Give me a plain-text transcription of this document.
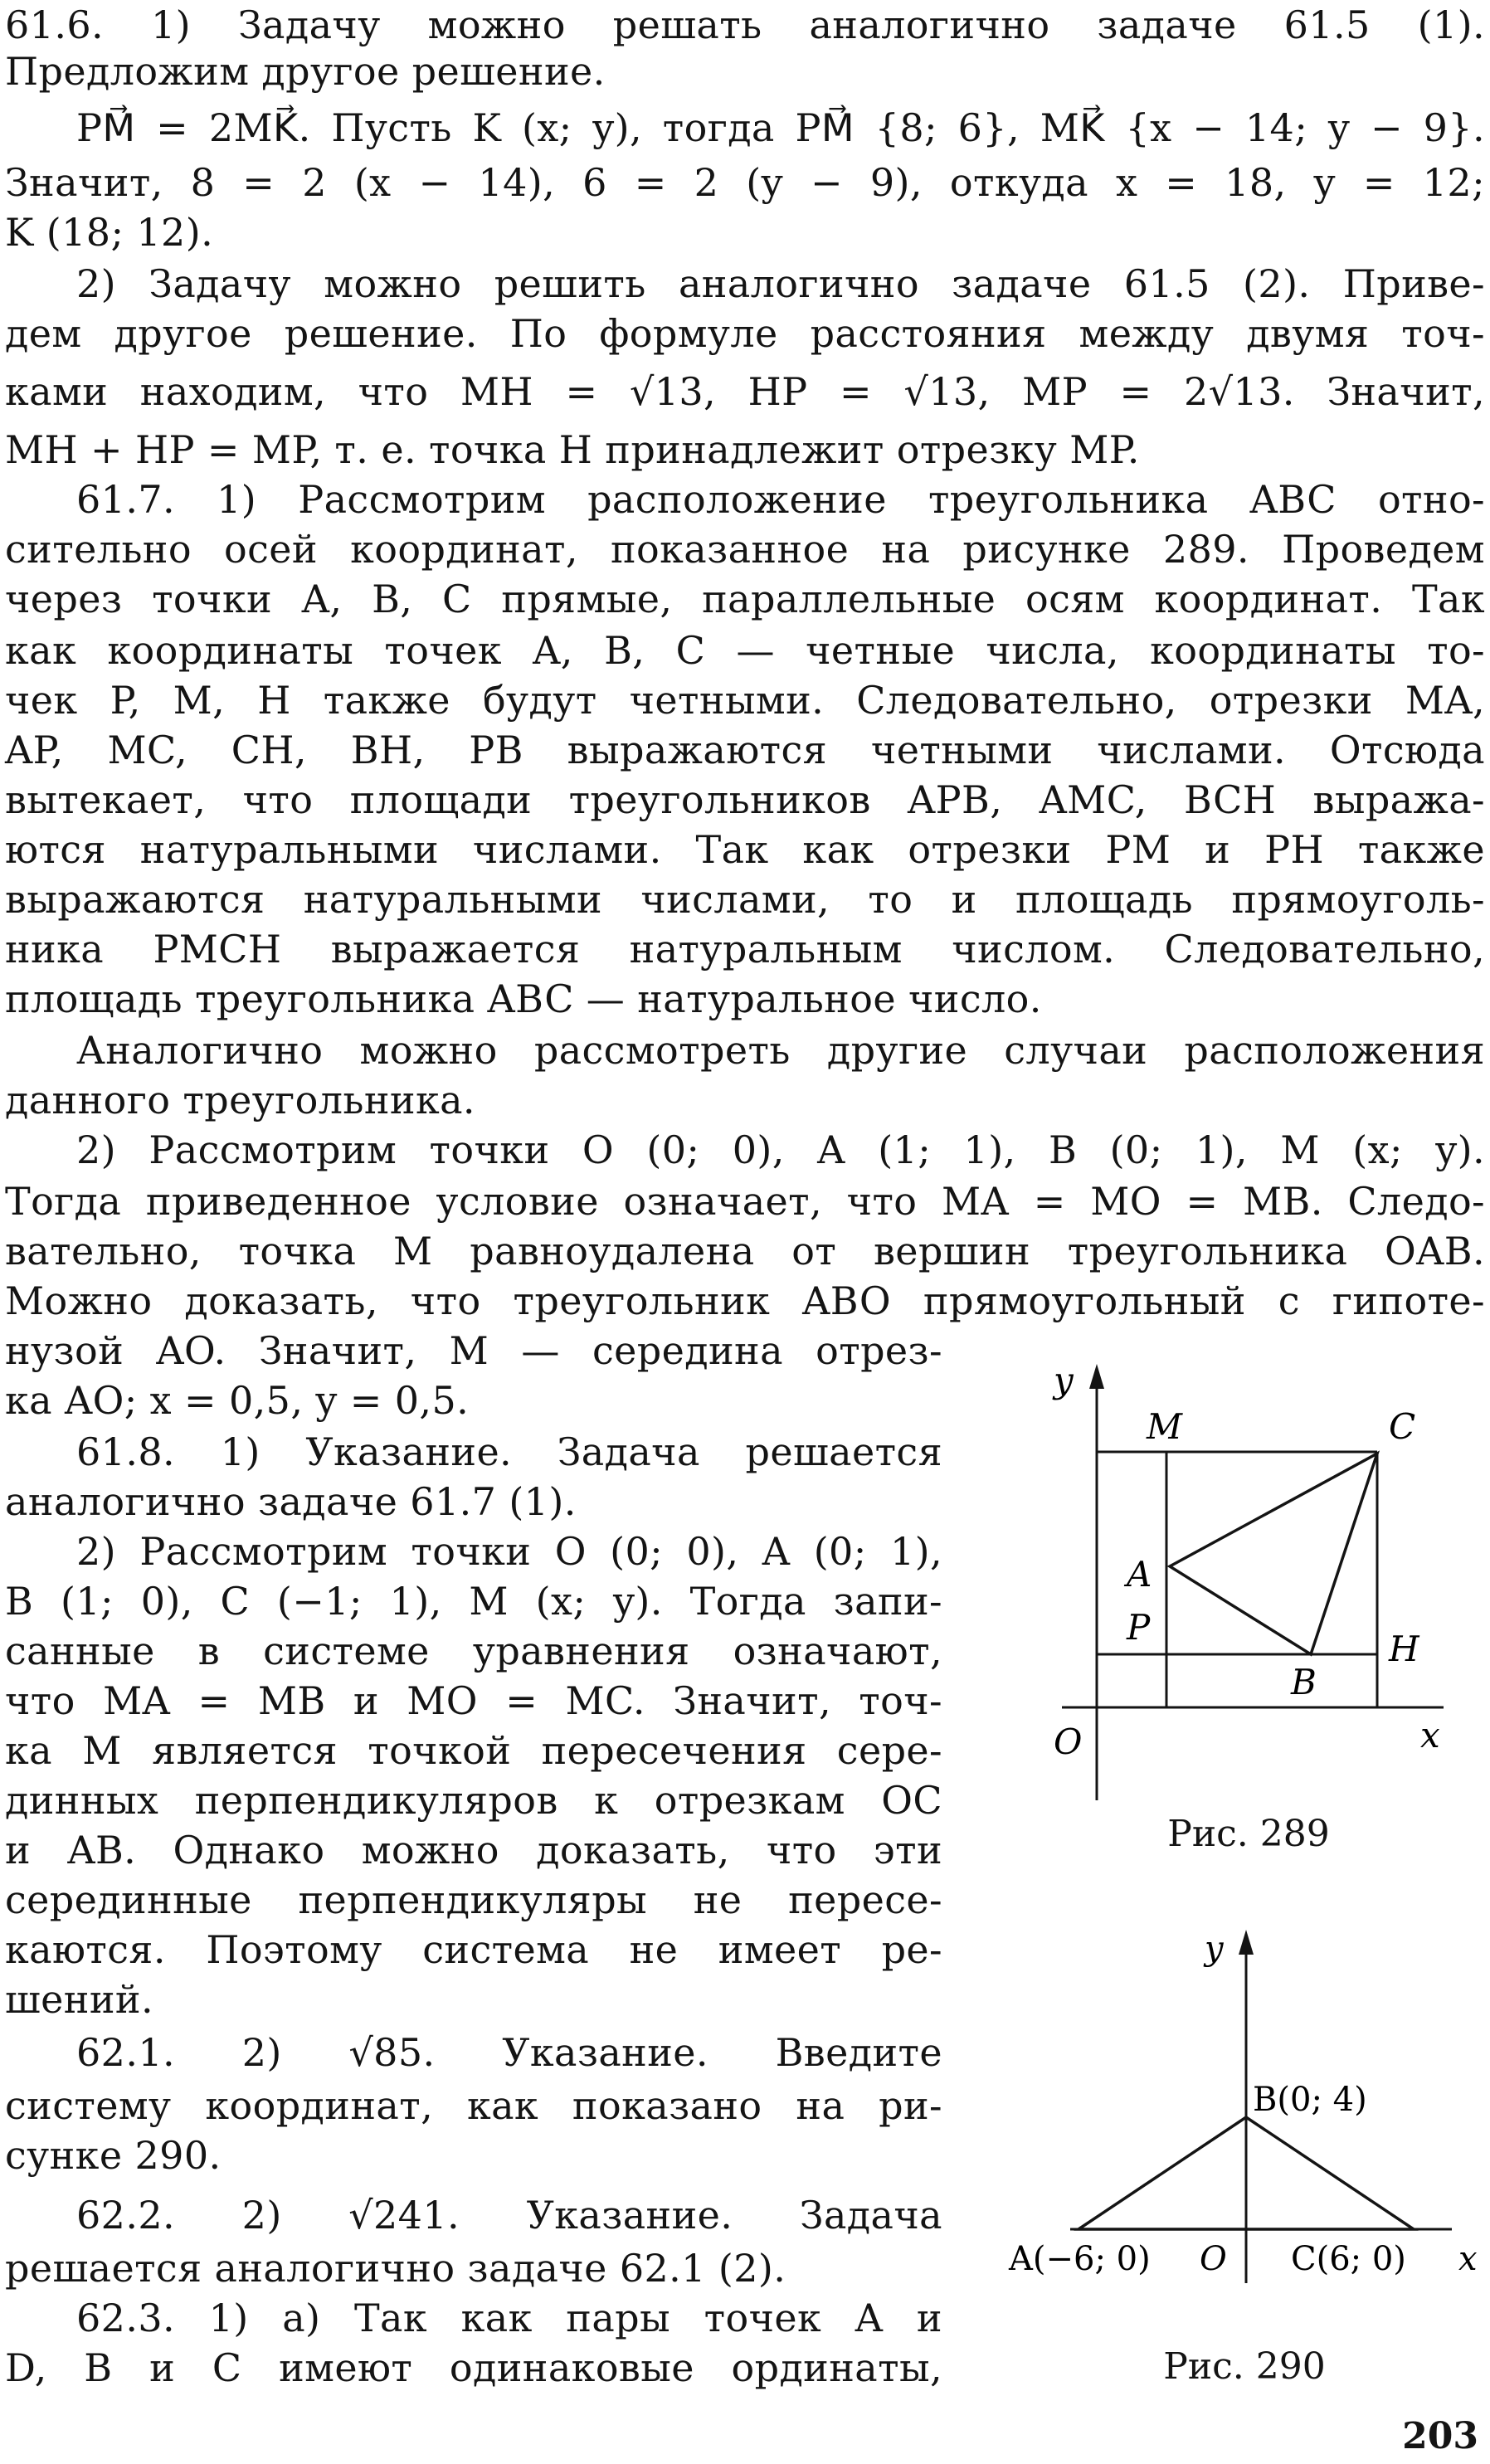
61.6. 1) Задачу можно решать аналогично задаче 61.5 (1).
Предложим другое решение.
PM⃗ = 2MK⃗. Пусть K (x; y), тогда PM⃗ {8; 6}, MK⃗ {x − 14; y − 9}.
Значит, 8 = 2 (x − 14), 6 = 2 (y − 9), откуда x = 18, y = 12;
K (18; 12).
2) Задачу можно решить аналогично задаче 61.5 (2). Приве-
дем другое решение. По формуле расстояния между двумя точ-
ками находим, что MH = √13, HP = √13, MP = 2√13. Значит,
MH + HP = MP, т. е. точка H принадлежит отрезку MP.
61.7. 1) Рассмотрим расположение треугольника ABC отно-
сительно осей координат, показанное на рисунке 289. Проведем
через точки A, B, C прямые, параллельные осям координат. Так
как координаты точек A, B, C — четные числа, координаты то-
чек P, M, H также будут четными. Следовательно, отрезки MA,
AP, MC, CH, BH, PB выражаются четными числами. Отсюда
вытекает, что площади треугольников APB, AMC, BCH выража-
ются натуральными числами. Так как отрезки PM и PH также
выражаются натуральными числами, то и площадь прямоуголь-
ника PMCH выражается натуральным числом. Следовательно,
площадь треугольника ABC — натуральное число.
Аналогично можно рассмотреть другие случаи расположения
данного треугольника.
2) Рассмотрим точки O (0; 0), A (1; 1), B (0; 1), M (x; y).
Тогда приведенное условие означает, что MA = MO = MB. Следо-
вательно, точка M равноудалена от вершин треугольника OAB.
Можно доказать, что треугольник ABO прямоугольный с гипоте-
нузой AO. Значит, M — середина отрез-
ка AO; x = 0,5, y = 0,5.
61.8. 1) Указание. Задача решается
аналогично задаче 61.7 (1).
2) Рассмотрим точки O (0; 0), A (0; 1),
B (1; 0), C (−1; 1), M (x; y). Тогда запи-
санные в системе уравнения означают,
что MA = MB и MO = MC. Значит, точ-
ка M является точкой пересечения сере-
динных перпендикуляров к отрезкам OC
и AB. Однако можно доказать, что эти
серединные перпендикуляры не пересе-
каются. Поэтому система не имеет ре-
шений.
62.1. 2) √85. Указание. Введите
систему координат, как показано на ри-
сунке 290.
62.2. 2) √241. Указание. Задача
решается аналогично задаче 62.1 (2).
62.3. 1) а) Так как пары точек A и
D, B и C имеют одинаковые ординаты,
y
x
O
M	C
A
P
B
H
Рис. 289
y
x
O
B(0; 4)
A(−6; 0)	C(6; 0)
Рис. 290
203
